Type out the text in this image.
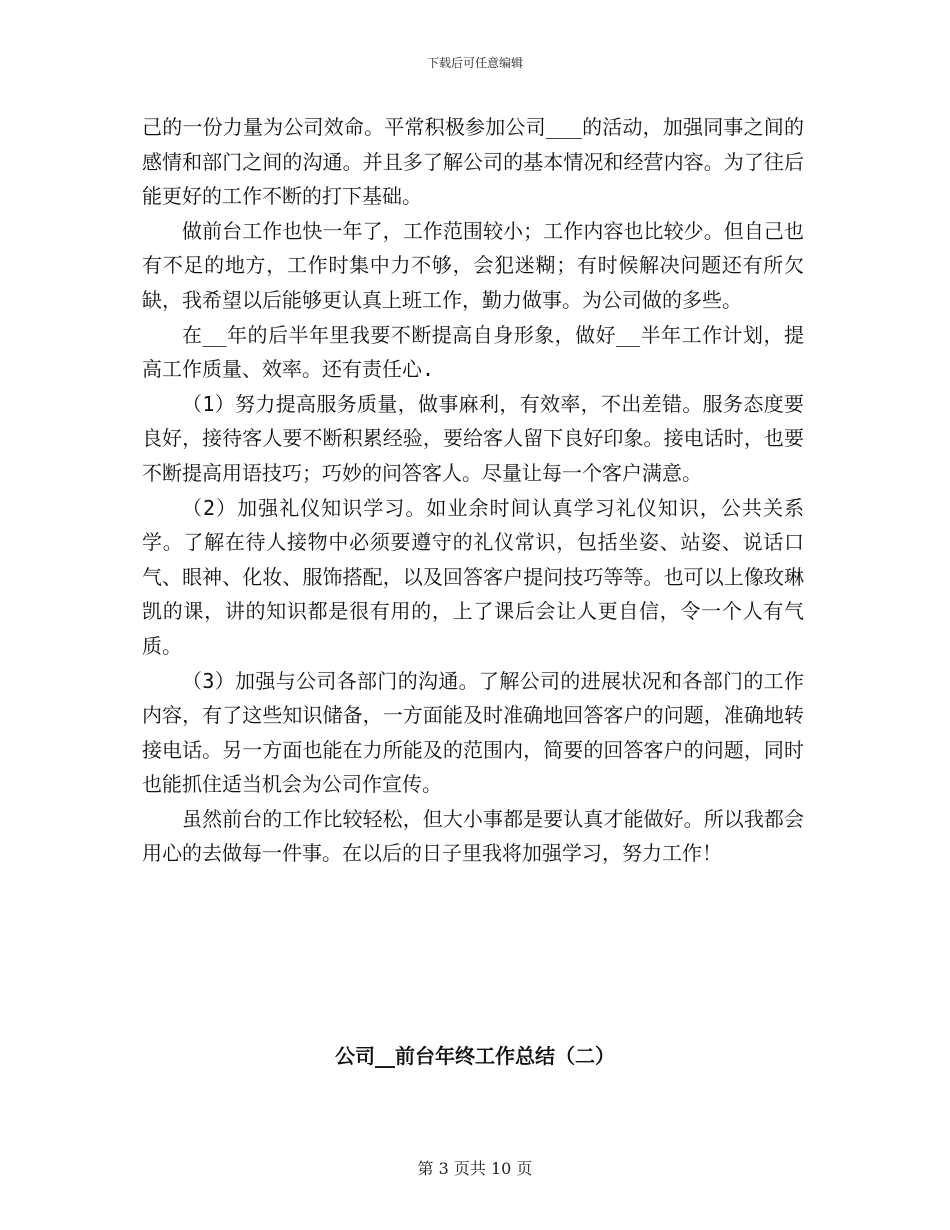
下载后可任意编辑

己的一份力量为公司效命。平常积极参加公司___的活动，加强同事之间的感情和部门之间的沟通。并且多了解公司的基本情况和经营内容。为了往后能更好的工作不断的打下基础。

做前台工作也快一年了，工作范围较小；工作内容也比较少。但自己也有不足的地方，工作时集中力不够，会犯迷糊；有时候解决问题还有所欠缺，我希望以后能够更认真上班工作，勤力做事。为公司做的多些。

在__年的后半年里我要不断提高自身形象，做好__半年工作计划，提高工作质量、效率。还有责任心.

（1）努力提高服务质量，做事麻利，有效率，不出差错。服务态度要良好，接待客人要不断积累经验，要给客人留下良好印象。接电话时，也要不断提高用语技巧；巧妙的问答客人。尽量让每一个客户满意。

（2）加强礼仪知识学习。如业余时间认真学习礼仪知识，公共关系学。了解在待人接物中必须要遵守的礼仪常识，包括坐姿、站姿、说话口气、眼神、化妆、服饰搭配，以及回答客户提问技巧等等。也可以上像玫琳凯的课，讲的知识都是很有用的，上了课后会让人更自信，令一个人有气质。

（3）加强与公司各部门的沟通。了解公司的进展状况和各部门的工作内容，有了这些知识储备，一方面能及时准确地回答客户的问题，准确地转接电话。另一方面也能在力所能及的范围内，简要的回答客户的问题，同时也能抓住适当机会为公司作宣传。

虽然前台的工作比较轻松，但大小事都是要认真才能做好。所以我都会用心的去做每一件事。在以后的日子里我将加强学习，努力工作！

公司__前台年终工作总结（二）
第 3 页共 10 页
